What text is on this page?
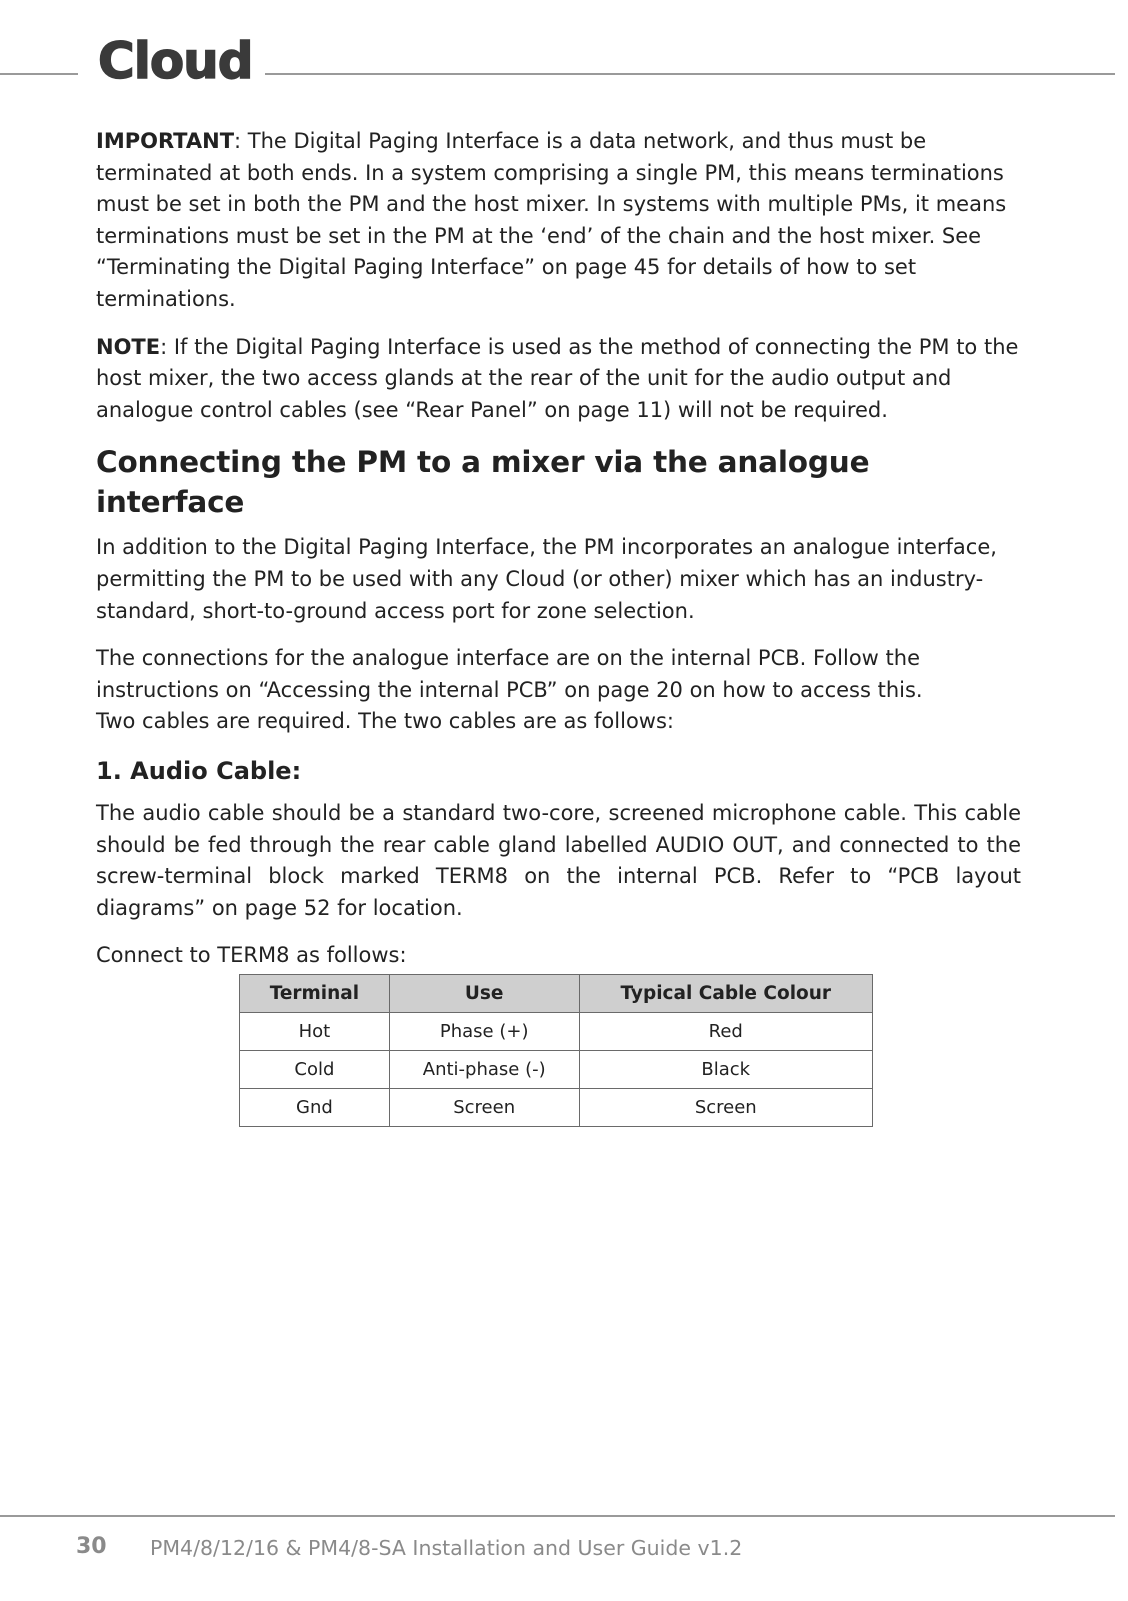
Cloud

IMPORTANT: The Digital Paging Interface is a data network, and thus must be terminated at both ends. In a system comprising a single PM, this means terminations must be set in both the PM and the host mixer. In systems with multiple PMs, it means terminations must be set in the PM at the ‘end’ of the chain and the host mixer. See “Terminating the Digital Paging Interface” on page 45 for details of how to set terminations.

NOTE: If the Digital Paging Interface is used as the method of connecting the PM to the host mixer, the two access glands at the rear of the unit for the audio output and analogue control cables (see “Rear Panel” on page 11) will not be required.

Connecting the PM to a mixer via the analogue interface

In addition to the Digital Paging Interface, the PM incorporates an analogue interface, permitting the PM to be used with any Cloud (or other) mixer which has an industry-standard, short-to-ground access port for zone selection.

The connections for the analogue interface are on the internal PCB. Follow the instructions on “Accessing the internal PCB” on page 20 on how to access this.
Two cables are required. The two cables are as follows:

1. Audio Cable:

The audio cable should be a standard two-core, screened microphone cable. This cable should be fed through the rear cable gland labelled AUDIO OUT, and connected to the screw-terminal block marked TERM8 on the internal PCB. Refer to “PCB layout diagrams” on page 52 for location.

Connect to TERM8 as follows:

Terminal	Use	Typical Cable Colour
Hot	Phase (+)	Red
Cold	Anti-phase (-)	Black
Gnd	Screen	Screen
30 PM4/8/12/16 & PM4/8-SA Installation and User Guide v1.2
